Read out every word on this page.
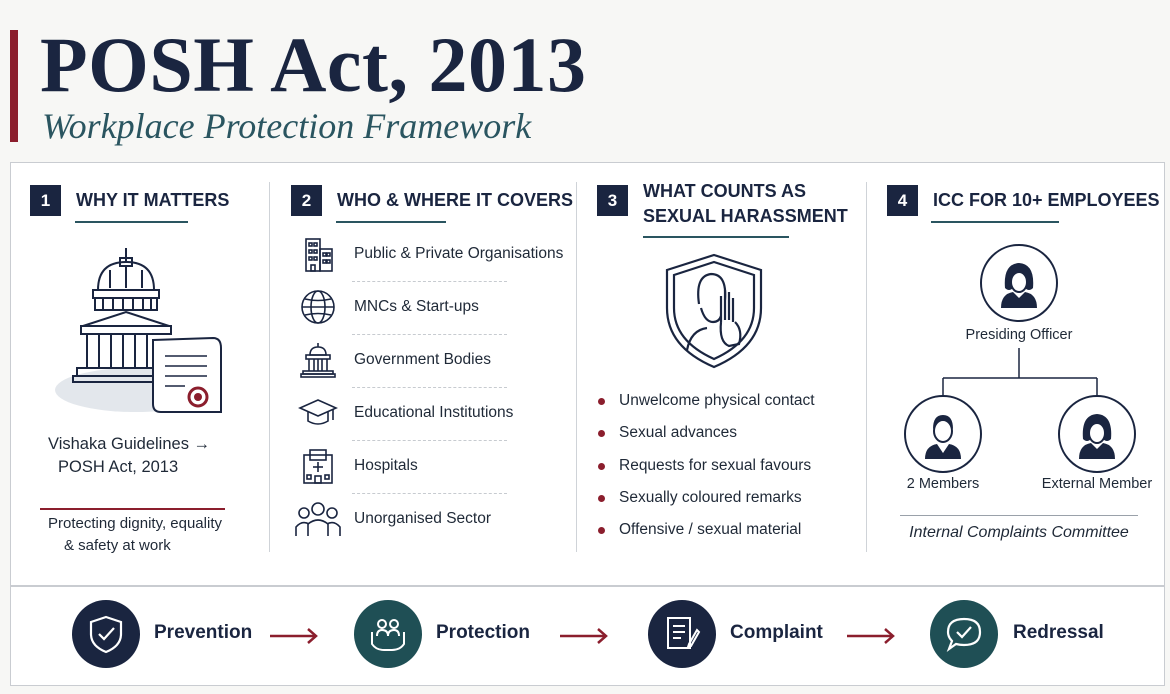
POSH Act, 2013
Workplace Protection Framework
1	WHY IT MATTERS
Vishaka Guidelines →
POSH Act, 2013
Protecting dignity, equality
& safety at work
2	WHO & WHERE IT COVERS
Public & Private Organisations
MNCs & Start-ups
Government Bodies
Educational Institutions
Hospitals
Unorganised Sector
3	WHAT COUNTS AS
SEXUAL HARASSMENT
Unwelcome physical contact
Sexual advances
Requests for sexual favours
Sexually coloured remarks
Offensive / sexual material
4	ICC FOR 10+ EMPLOYEES
Presiding Officer
2 Members	External Member
Internal Complaints Committee
Prevention	Protection	Complaint	Redressal
